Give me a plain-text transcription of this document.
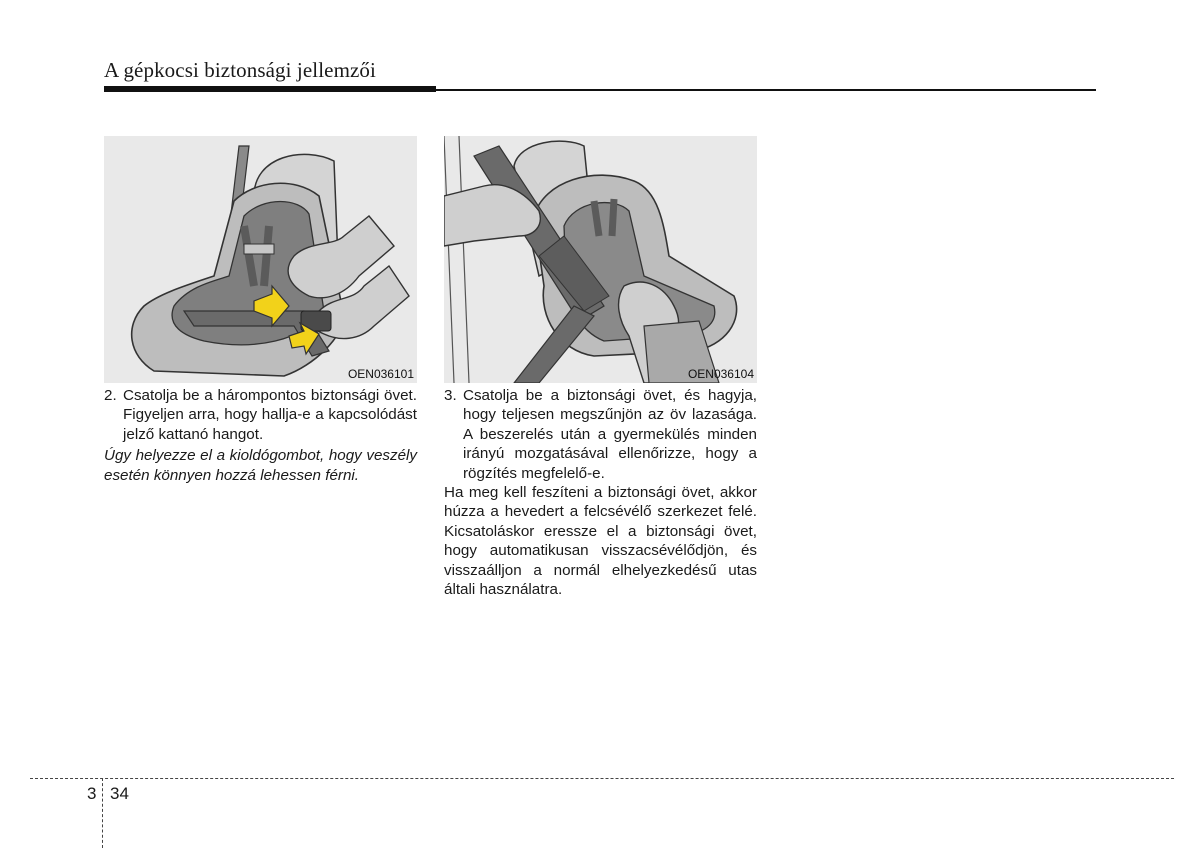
A gépkocsi biztonsági jellemzői
OEN036101	OEN036104
2. Csatolja be a hárompontos biztonsági övet. Figyeljen arra, hogy hallja-e a kapcsolódást jelző kattanó hangot.
Úgy helyezze el a kioldógombot, hogy veszély esetén könnyen hozzá lehessen férni.
3. Csatolja be a biztonsági övet, és hagyja, hogy teljesen megszűnjön az öv lazasága. A beszerelés után a gyermekülés minden irányú mozgatásával ellenőrizze, hogy a rögzítés megfelelő-e.
Ha meg kell feszíteni a biztonsági övet, akkor húzza a hevedert a felcsévélő szerkezet felé. Kicsatoláskor eressze el a biztonsági övet, hogy automatikusan visszacsévélődjön, és visszaálljon a normál elhelyezkedésű utas általi használatra.
3 34
